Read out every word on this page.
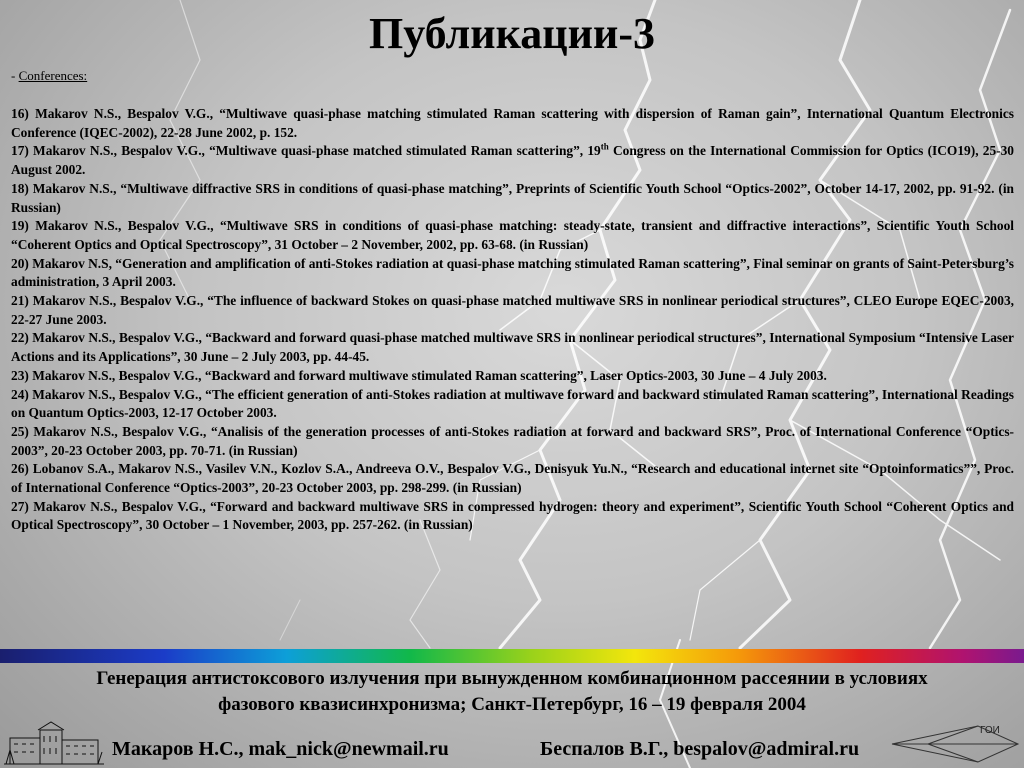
Публикации-3
- Conferences:

16) Makarov N.S., Bespalov V.G., “Multiwave quasi-phase matching stimulated Raman scattering with dispersion of Raman gain”, International Quantum Electronics Conference (IQEC-2002), 22-28 June 2002, p. 152.

17) Makarov N.S., Bespalov V.G., “Multiwave quasi-phase matched stimulated Raman scattering”, 19th Congress on the International Commission for Optics (ICO19), 25-30 August 2002.

18) Makarov N.S., “Multiwave diffractive SRS in conditions of quasi-phase matching”, Preprints of Scientific Youth School “Optics-2002”, October 14-17, 2002, pp. 91-92. (in Russian)

19) Makarov N.S., Bespalov V.G., “Multiwave SRS in conditions of quasi-phase matching: steady-state, transient and diffractive interactions”, Scientific Youth School “Coherent Optics and Optical Spectroscopy”, 31 October – 2 November, 2002, pp. 63-68. (in Russian)

20) Makarov N.S, “Generation and amplification of anti-Stokes radiation at quasi-phase matching stimulated Raman scattering”, Final seminar on grants of Saint-Petersburg’s administration, 3 April 2003.

21) Makarov N.S., Bespalov V.G., “The influence of backward Stokes on quasi-phase matched multiwave SRS in nonlinear periodical structures”, CLEO Europe EQEC-2003, 22-27 June 2003.

22) Makarov N.S., Bespalov V.G., “Backward and forward quasi-phase matched multiwave SRS in nonlinear periodical structures”, International Symposium “Intensive Laser Actions and its Applications”, 30 June – 2 July 2003, pp. 44-45.

23) Makarov N.S., Bespalov V.G., “Backward and forward multiwave stimulated Raman scattering”, Laser Optics-2003, 30 June – 4 July 2003.

24) Makarov N.S., Bespalov V.G., “The efficient generation of anti-Stokes radiation at multiwave forward and backward stimulated Raman scattering”, International Readings on Quantum Optics-2003, 12-17 October 2003.

25) Makarov N.S., Bespalov V.G., “Analisis of the generation processes of anti-Stokes radiation at forward and backward SRS”, Proc. of International Conference “Optics-2003”, 20-23 October 2003, pp. 70-71. (in Russian)

26) Lobanov S.A., Makarov N.S., Vasilev V.N., Kozlov S.A., Andreeva O.V., Bespalov V.G., Denisyuk Yu.N., “Research and educational internet site “Optoinformatics””, Proc. of International Conference “Optics-2003”, 20-23 October 2003, pp. 298-299. (in Russian)

27) Makarov N.S., Bespalov V.G., “Forward and backward multiwave SRS in compressed hydrogen: theory and experiment”, Scientific Youth School “Coherent Optics and Optical Spectroscopy”, 30 October – 1 November, 2003, pp. 257-262. (in Russian)

Генерация антистоксового излучения при вынужденном комбинационном рассеянии в условиях
фазового квазисинхронизма; Санкт-Петербург, 16 – 19 февраля 2004
ГОИ
Макаров Н.С., mak_nick@newmail.ru	Беспалов В.Г., bespalov@admiral.ru
